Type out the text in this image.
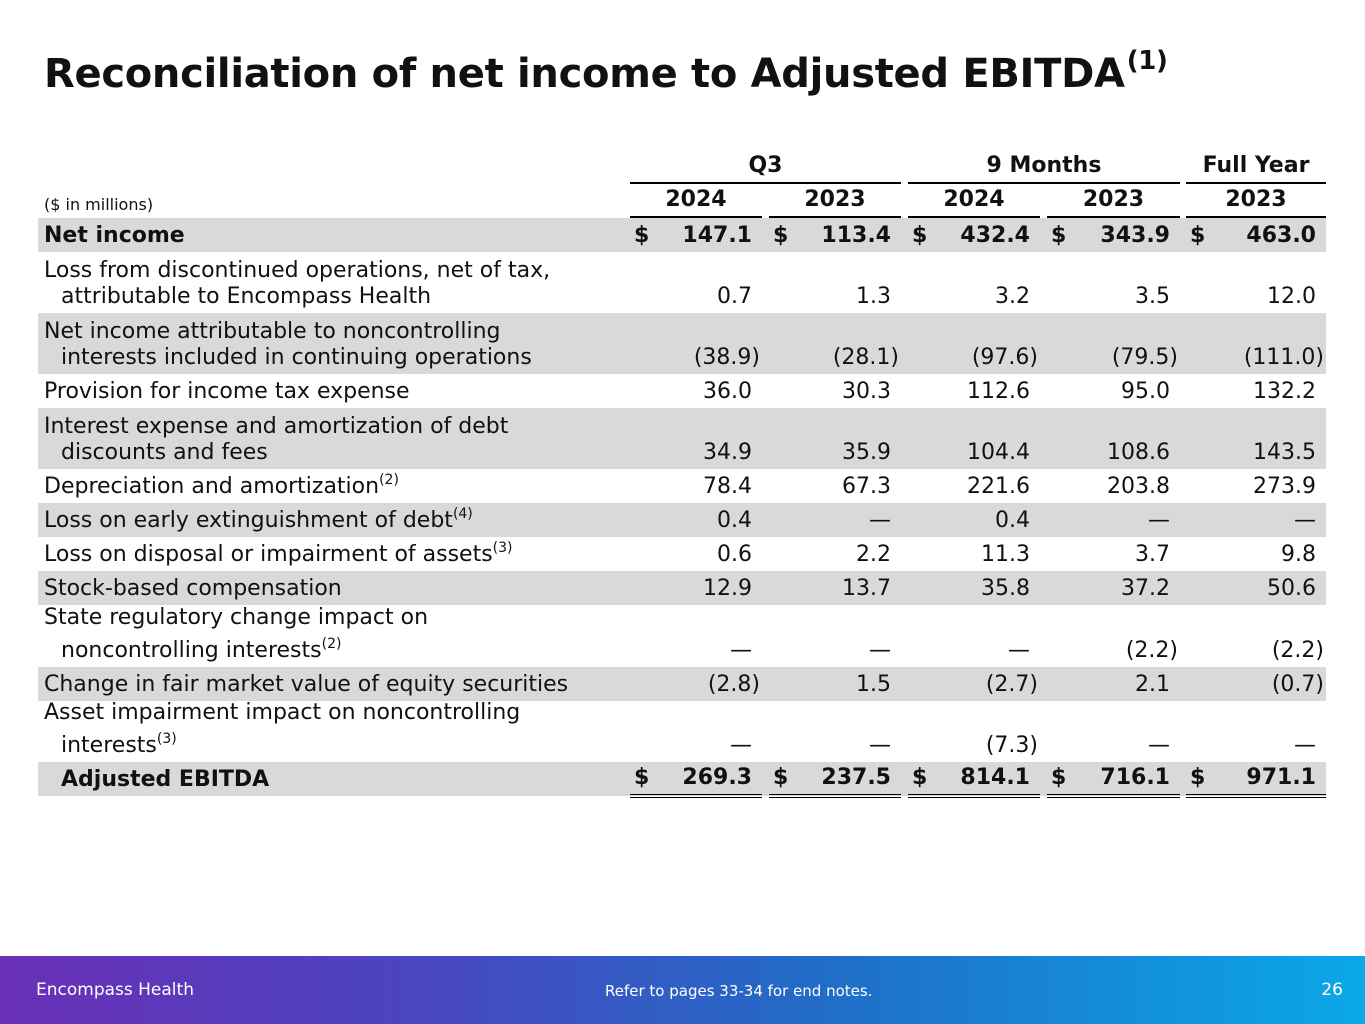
Reconciliation of net income to Adjusted EBITDA$^{(1)}$
Q3	9 Months	Full Year
($ in millions)	2024	2023	2024	2023	2023
Net income	$ 147.1 $ 113.4 $ 432.4 $ 343.9 $ 463.0
Loss from discontinued operations, net of tax,
attributable to Encompass Health	0.7	1.3	3.2	3.5	12.0
Net income attributable to noncontrolling
interests included in continuing operations	(38.9)	(28.1)	(97.6)	(79.5)	(111.0)
Provision for income tax expense	36.0	30.3	112.6	95.0	132.2
Interest expense and amortization of debt
discounts and fees	34.9	35.9	104.4	108.6	143.5
Depreciation and amortization$^{(2)}$	78.4	67.3	221.6	203.8	273.9
Loss on early extinguishment of debt$^{(4)}$	0.4	—	0.4	—	—
Loss on disposal or impairment of assets$^{(3)}$	0.6	2.2	11.3	3.7	9.8
Stock-based compensation	12.9	13.7	35.8	37.2	50.6
State regulatory change impact on
noncontrolling interests$^{(2)}$	—	—	—	(2.2)	(2.2)
Change in fair market value of equity securities	(2.8)	1.5	(2.7)	2.1	(0.7)
Asset impairment impact on noncontrolling
interests$^{(3)}$	—	—	(7.3)	—	—
Adjusted EBITDA	$ 269.3 $ 237.5 $ 814.1 $ 716.1 $ 971.1
Encompass Health	Refer to pages 33-34 for end notes.	26
